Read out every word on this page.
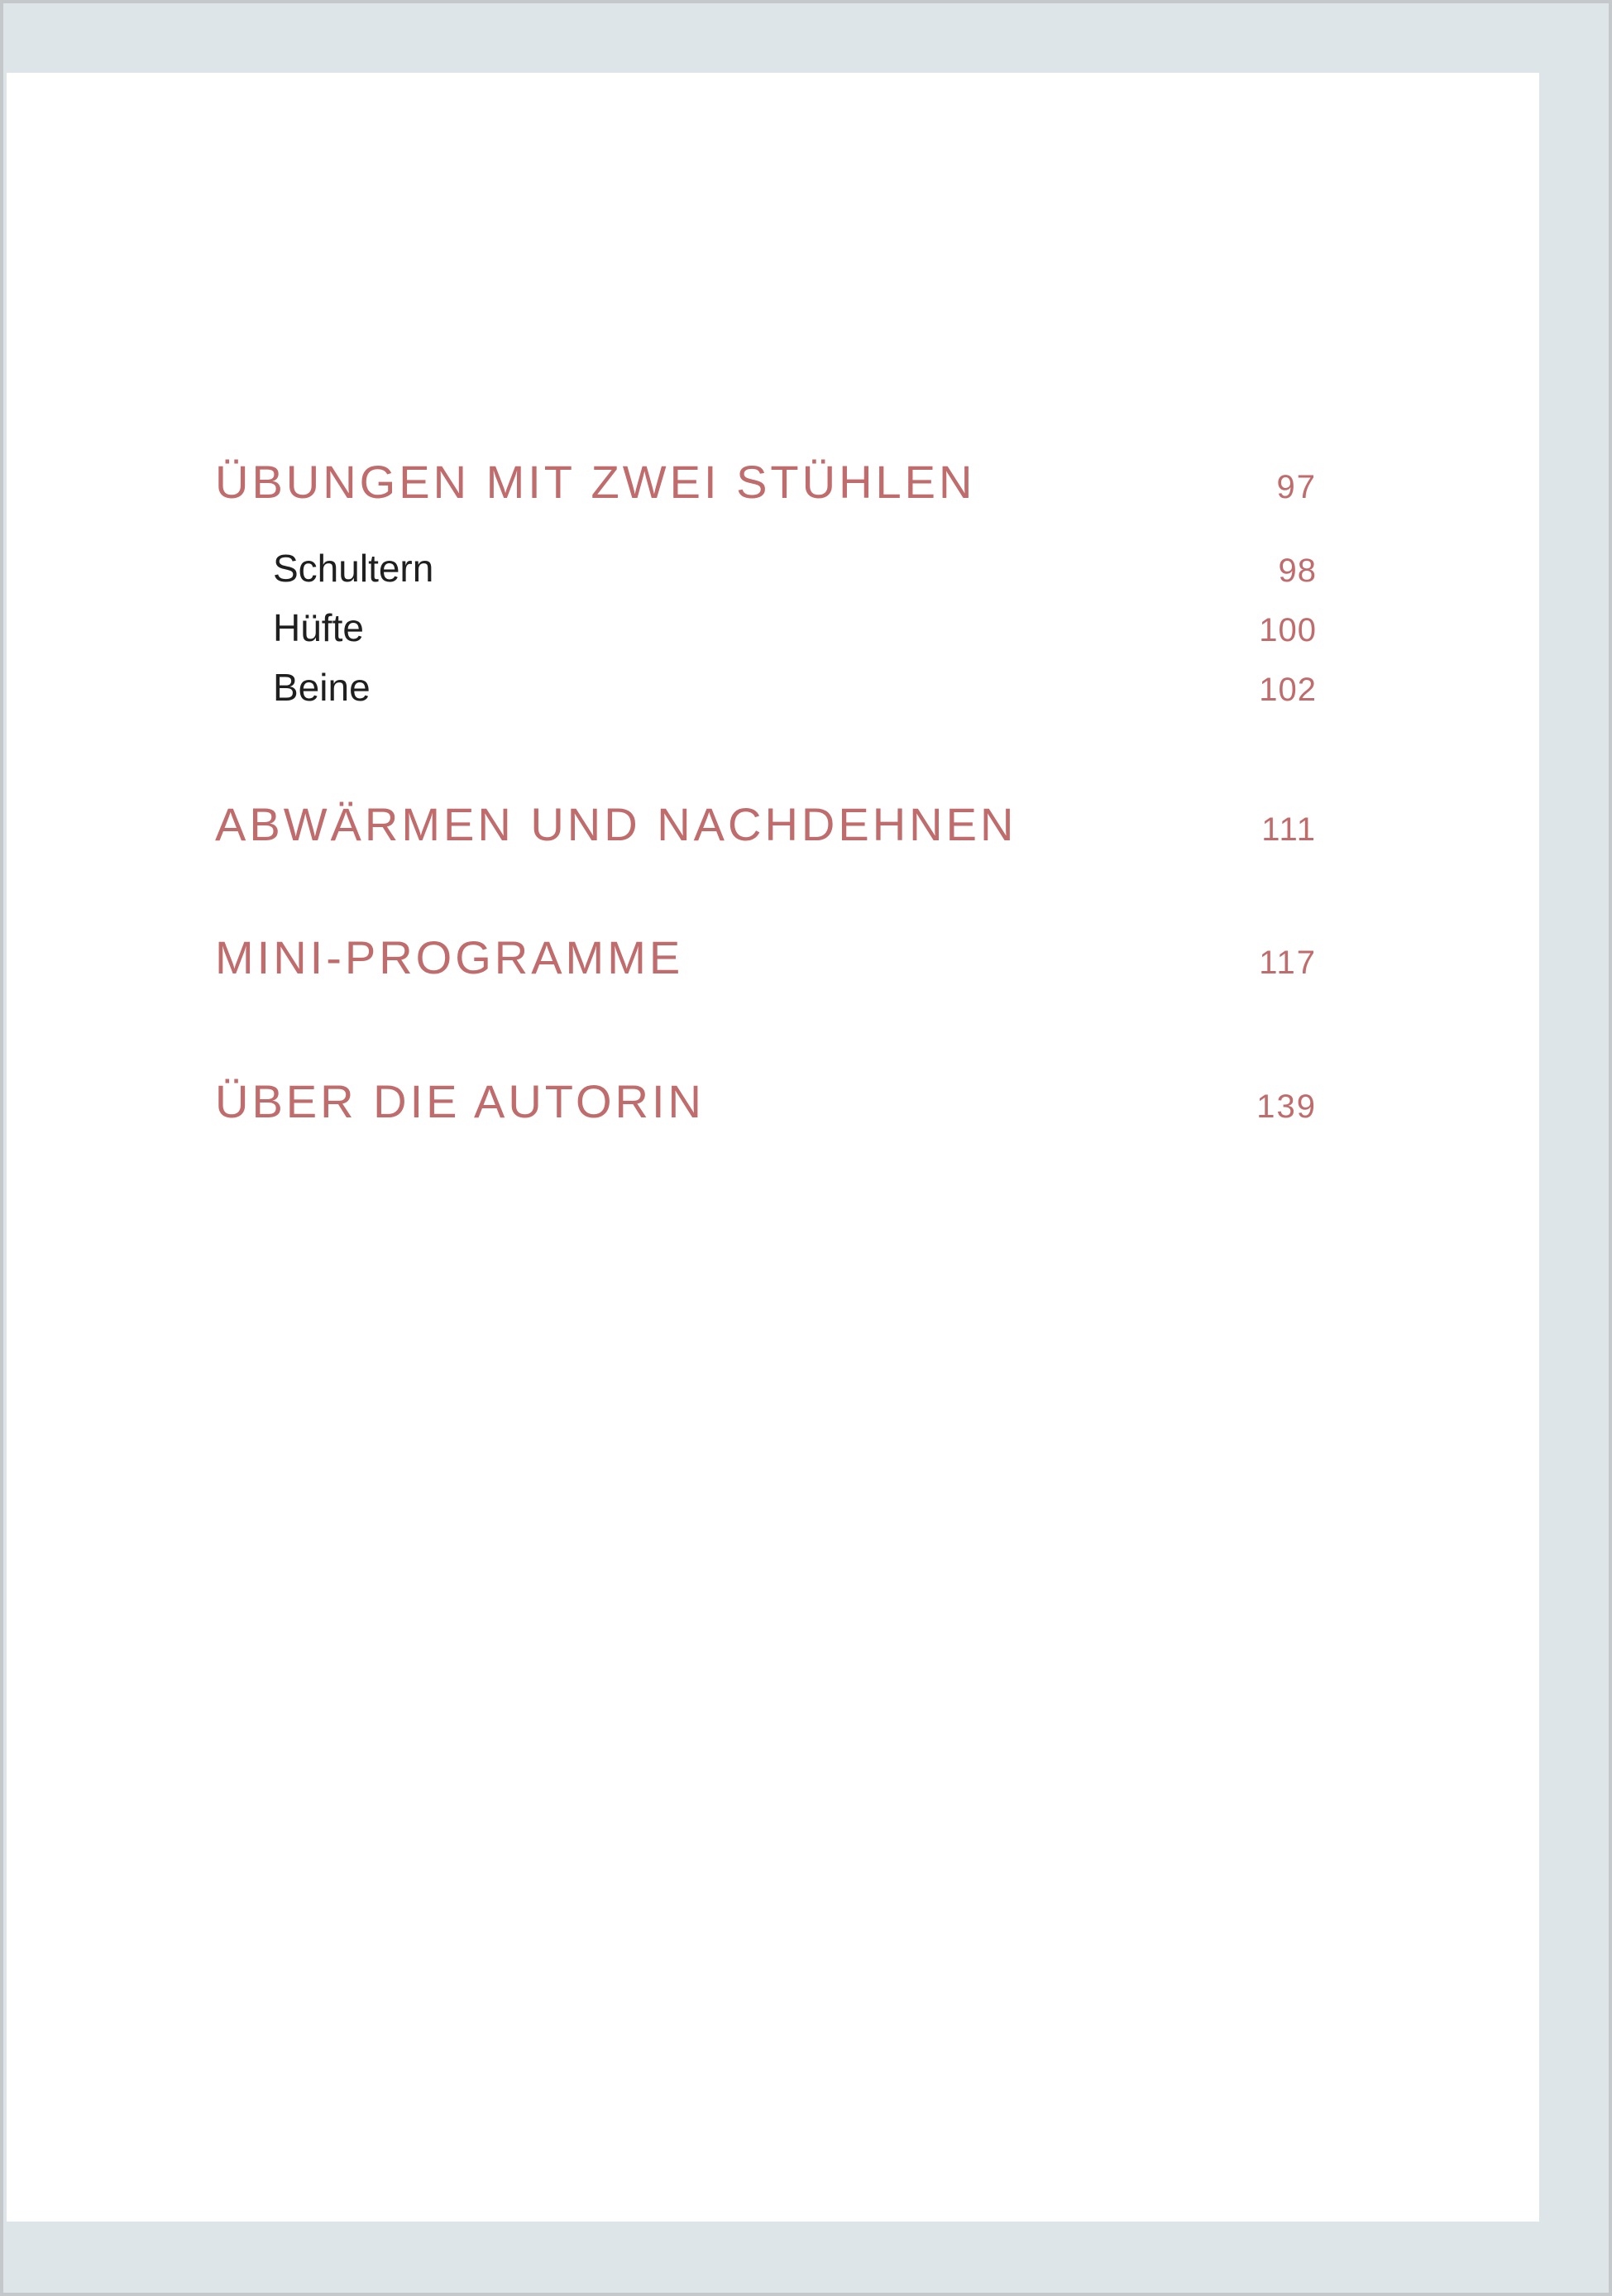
ÜBUNGEN MIT ZWEI STÜHLEN	97
Schultern	98
Hüfte	100
Beine	102
ABWÄRMEN UND NACHDEHNEN	111
MINI-PROGRAMME	117
ÜBER DIE AUTORIN	139
